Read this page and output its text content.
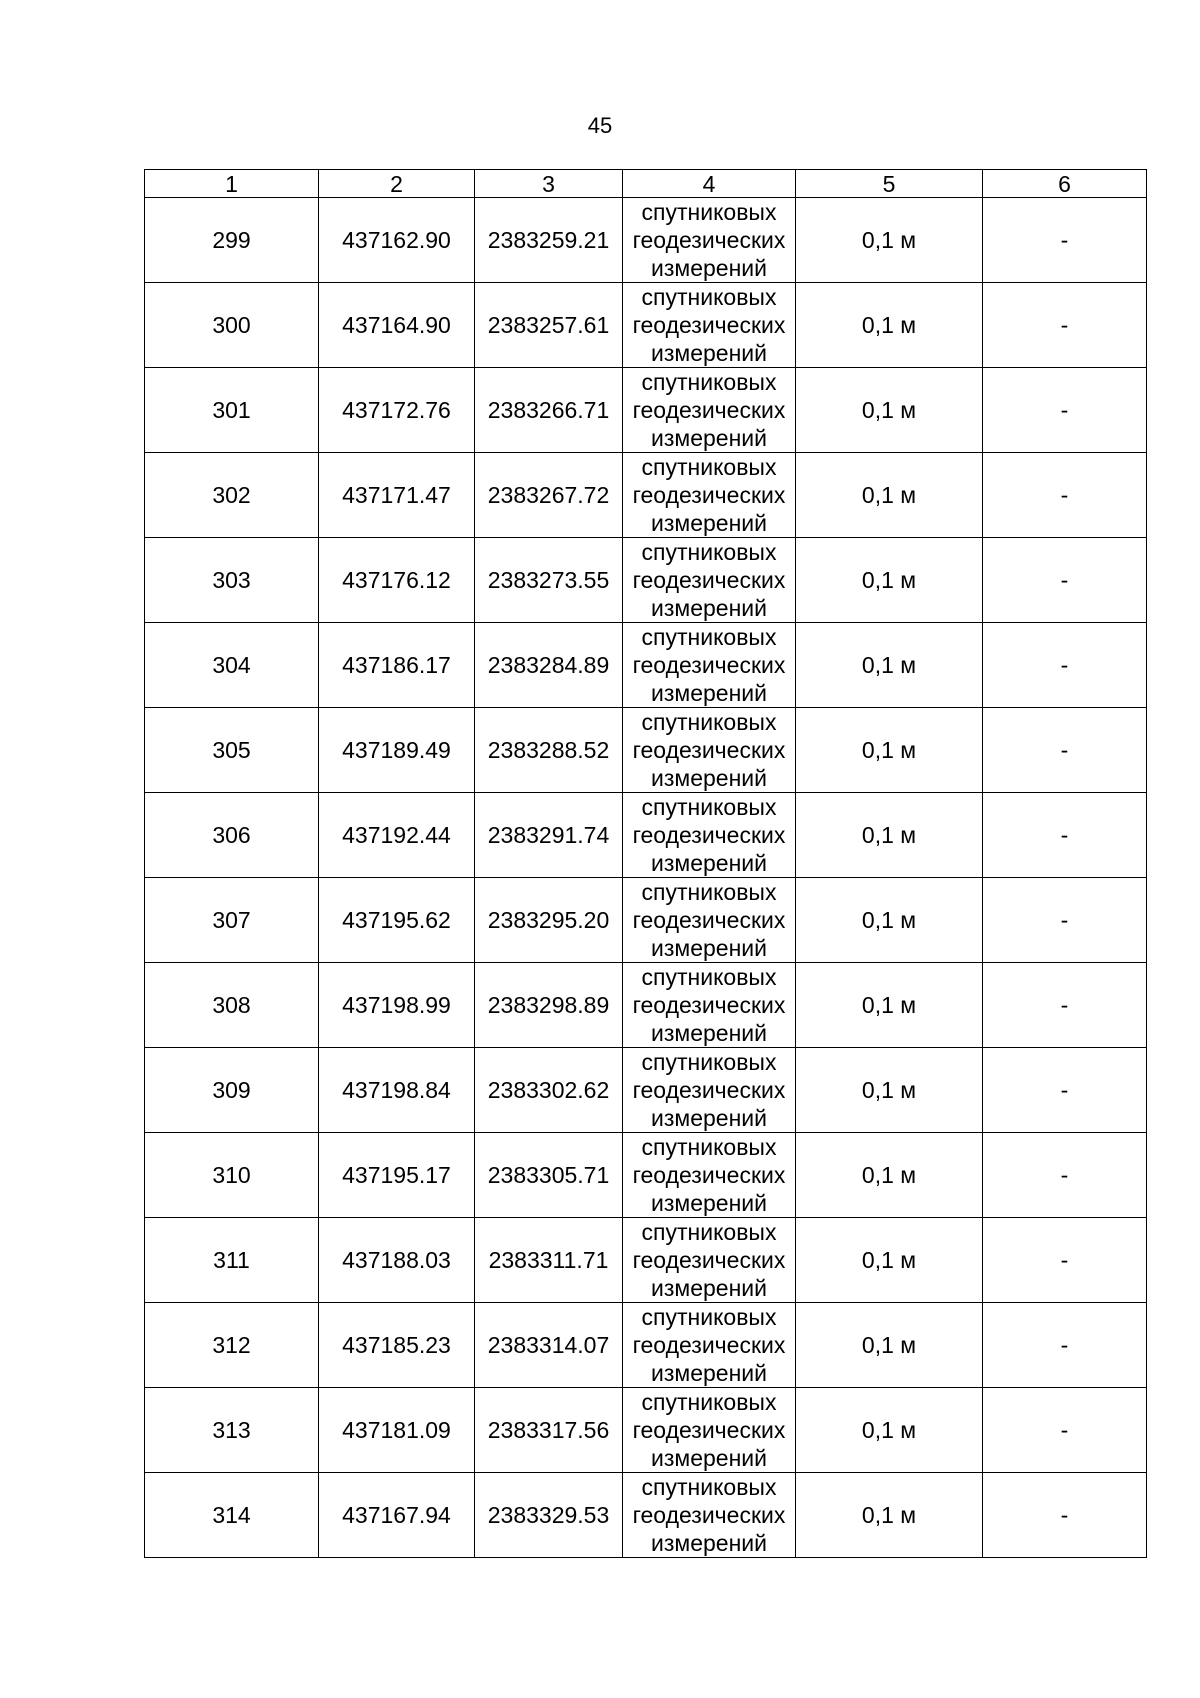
45
1	2	3	4	5	6
299	437162.90	2383259.21	спутниковых
геодезических
измерений	0,1 м	-
300	437164.90	2383257.61	спутниковых
геодезических
измерений	0,1 м	-
301	437172.76	2383266.71	спутниковых
геодезических
измерений	0,1 м	-
302	437171.47	2383267.72	спутниковых
геодезических
измерений	0,1 м	-
303	437176.12	2383273.55	спутниковых
геодезических
измерений	0,1 м	-
304	437186.17	2383284.89	спутниковых
геодезических
измерений	0,1 м	-
305	437189.49	2383288.52	спутниковых
геодезических
измерений	0,1 м	-
306	437192.44	2383291.74	спутниковых
геодезических
измерений	0,1 м	-
307	437195.62	2383295.20	спутниковых
геодезических
измерений	0,1 м	-
308	437198.99	2383298.89	спутниковых
геодезических
измерений	0,1 м	-
309	437198.84	2383302.62	спутниковых
геодезических
измерений	0,1 м	-
310	437195.17	2383305.71	спутниковых
геодезических
измерений	0,1 м	-
311	437188.03	2383311.71	спутниковых
геодезических
измерений	0,1 м	-
312	437185.23	2383314.07	спутниковых
геодезических
измерений	0,1 м	-
313	437181.09	2383317.56	спутниковых
геодезических
измерений	0,1 м	-
314	437167.94	2383329.53	спутниковых
геодезических
измерений	0,1 м	-
